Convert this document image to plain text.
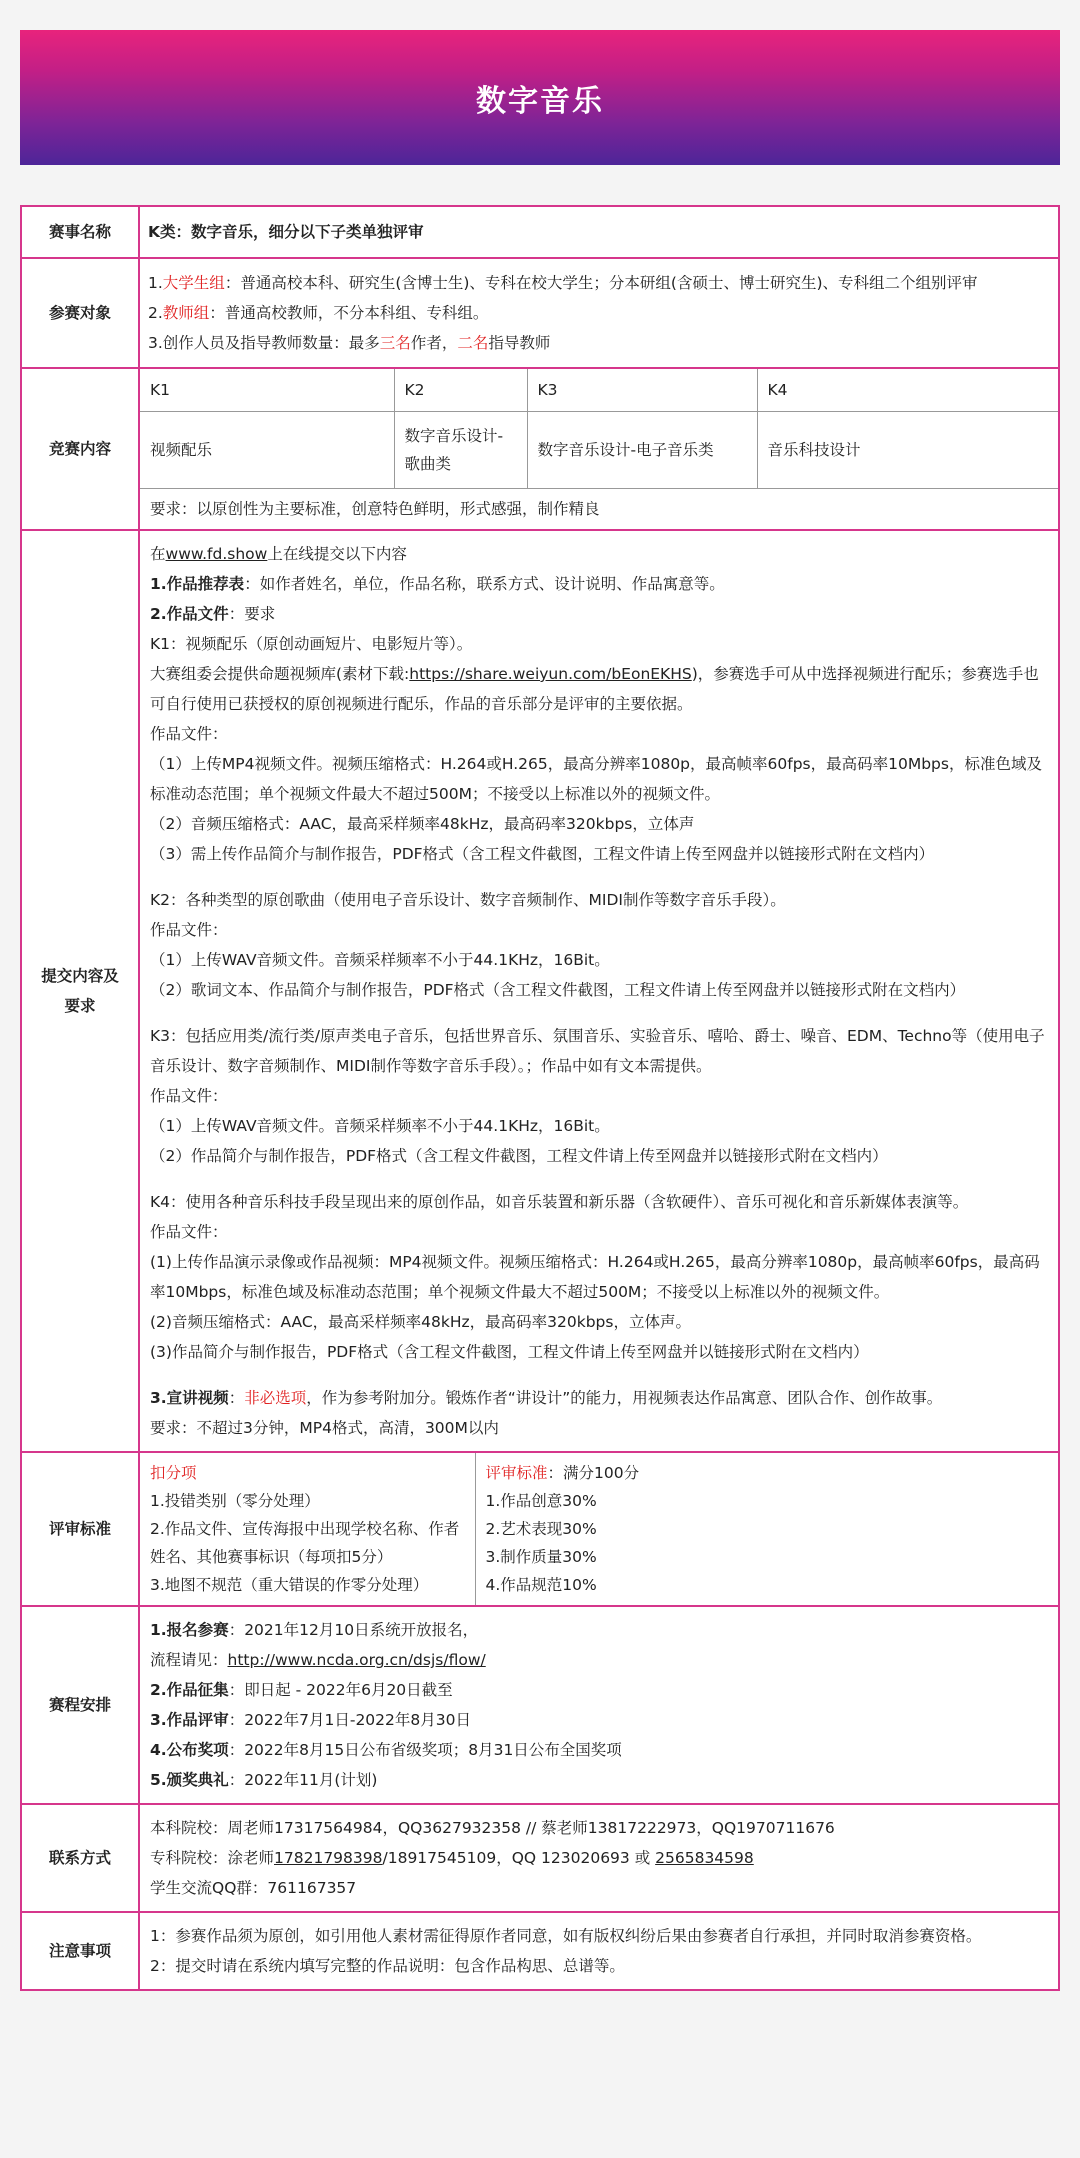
数字音乐
赛事名称	K类：数字音乐，细分以下子类单独评审
参赛对象	
1.大学生组：普通高校本科、研究生(含博士生)、专科在校大学生；分本研组(含硕士、博士研究生)、专科组二个组别评审
2.教师组：普通高校教师，不分本科组、专科组。
3.创作人员及指导教师数量：最多三名作者，二名指导教师

竞赛内容	
K1	K2	K3	K4
视频配乐	数字音乐设计-歌曲类	数字音乐设计-电子音乐类	音乐科技设计
要求：以原创性为主要标准，创意特色鲜明，形式感强，制作精良

提交内容及要求	
在www.fd.show上在线提交以下内容
1.作品推荐表：如作者姓名，单位，作品名称，联系方式、设计说明、作品寓意等。
2.作品文件：要求
K1：视频配乐（原创动画短片、电影短片等）。
大赛组委会提供命题视频库(素材下载:https://share.weiyun.com/bEonEKHS)，参赛选手可从中选择视频进行配乐；参赛选手也可自行使用已获授权的原创视频进行配乐，作品的音乐部分是评审的主要依据。
作品文件：
（1）上传MP4视频文件。视频压缩格式：H.264或H.265，最高分辨率1080p，最高帧率60fps，最高码率10Mbps，标准色域及标准动态范围；单个视频文件最大不超过500M；不接受以上标准以外的视频文件。
（2）音频压缩格式：AAC，最高采样频率48kHz，最高码率320kbps，立体声
（3）需上传作品简介与制作报告，PDF格式（含工程文件截图，工程文件请上传至网盘并以链接形式附在文档内）
K2：各种类型的原创歌曲（使用电子音乐设计、数字音频制作、MIDI制作等数字音乐手段）。
作品文件：
（1）上传WAV音频文件。音频采样频率不小于44.1KHz，16Bit。
（2）歌词文本、作品简介与制作报告，PDF格式（含工程文件截图，工程文件请上传至网盘并以链接形式附在文档内）
K3：包括应用类/流行类/原声类电子音乐，包括世界音乐、氛围音乐、实验音乐、嘻哈、爵士、噪音、EDM、Techno等（使用电子音乐设计、数字音频制作、MIDI制作等数字音乐手段）。；作品中如有文本需提供。
作品文件：
（1）上传WAV音频文件。音频采样频率不小于44.1KHz，16Bit。
（2）作品简介与制作报告，PDF格式（含工程文件截图，工程文件请上传至网盘并以链接形式附在文档内）
K4：使用各种音乐科技手段呈现出来的原创作品，如音乐装置和新乐器（含软硬件）、音乐可视化和音乐新媒体表演等。
作品文件：
(1)上传作品演示录像或作品视频：MP4视频文件。视频压缩格式：H.264或H.265，最高分辨率1080p，最高帧率60fps，最高码率10Mbps，标准色域及标准动态范围；单个视频文件最大不超过500M；不接受以上标准以外的视频文件。
(2)音频压缩格式：AAC，最高采样频率48kHz，最高码率320kbps，立体声。
(3)作品简介与制作报告，PDF格式（含工程文件截图，工程文件请上传至网盘并以链接形式附在文档内）
3.宣讲视频：非必选项，作为参考附加分。锻炼作者“讲设计”的能力，用视频表达作品寓意、团队合作、创作故事。
要求：不超过3分钟，MP4格式，高清，300M以内

评审标准	
扣分项
1.投错类别（零分处理）
2.作品文件、宣传海报中出现学校名称、作者姓名、其他赛事标识（每项扣5分）
3.地图不规范（重大错误的作零分处理）

评审标准：满分100分
1.作品创意30%
2.艺术表现30%
3.制作质量30%
4.作品规范10%

赛程安排	
1.报名参赛：2021年12月10日系统开放报名，
流程请见：http://www.ncda.org.cn/dsjs/flow/
2.作品征集：即日起 - 2022年6月20日截至
3.作品评审：2022年7月1日-2022年8月30日
4.公布奖项：2022年8月15日公布省级奖项；8月31日公布全国奖项
5.颁奖典礼：2022年11月(计划)

联系方式	
本科院校：周老师17317564984，QQ3627932358 // 蔡老师13817222973，QQ1970711676
专科院校：涂老师17821798398/18917545109，QQ 123020693 或 2565834598
学生交流QQ群：761167357

注意事项	
1：参赛作品须为原创，如引用他人素材需征得原作者同意，如有版权纠纷后果由参赛者自行承担，并同时取消参赛资格。
2：提交时请在系统内填写完整的作品说明：包含作品构思、总谱等。
